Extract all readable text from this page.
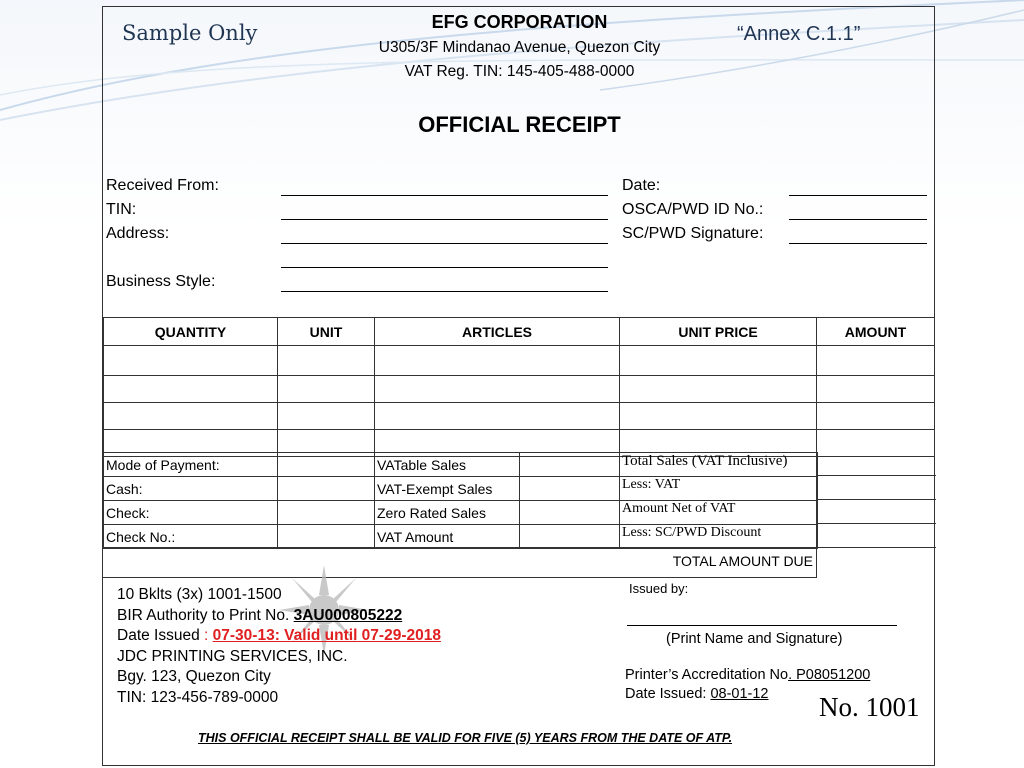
Sample Only	“Annex C.1.1”
EFG CORPORATION
U305/3F Mindanao Avenue, Quezon City
VAT Reg. TIN: 145-405-488-0000
OFFICIAL RECEIPT
Received From:
TIN:
Address:
Business Style:
Date:
OSCA/PWD ID No.:
SC/PWD Signature:
QUANTITY	UNIT	ARTICLES	UNIT PRICE	AMOUNT

Mode of Payment:		VATable Sales		Total Sales (VAT Inclusive)
Cash:		VAT-Exempt Sales		Less: VAT
Check:		Zero Rated Sales		Amount Net of VAT
Check No.:		VAT Amount		Less: SC/PWD Discount
TOTAL AMOUNT DUE
10 Bklts (3x) 1001-1500
BIR Authority to Print No. 3AU000805222
Date Issued : 07-30-13: Valid until 07-29-2018
JDC PRINTING SERVICES, INC.
Bgy. 123, Quezon City
TIN: 123-456-789-0000
Issued by:
(Print Name and Signature)
Printer’s Accreditation No. P08051200
Date Issued: 08-01-12 No. 1001
THIS OFFICIAL RECEIPT SHALL BE VALID FOR FIVE (5) YEARS FROM THE DATE OF ATP.
